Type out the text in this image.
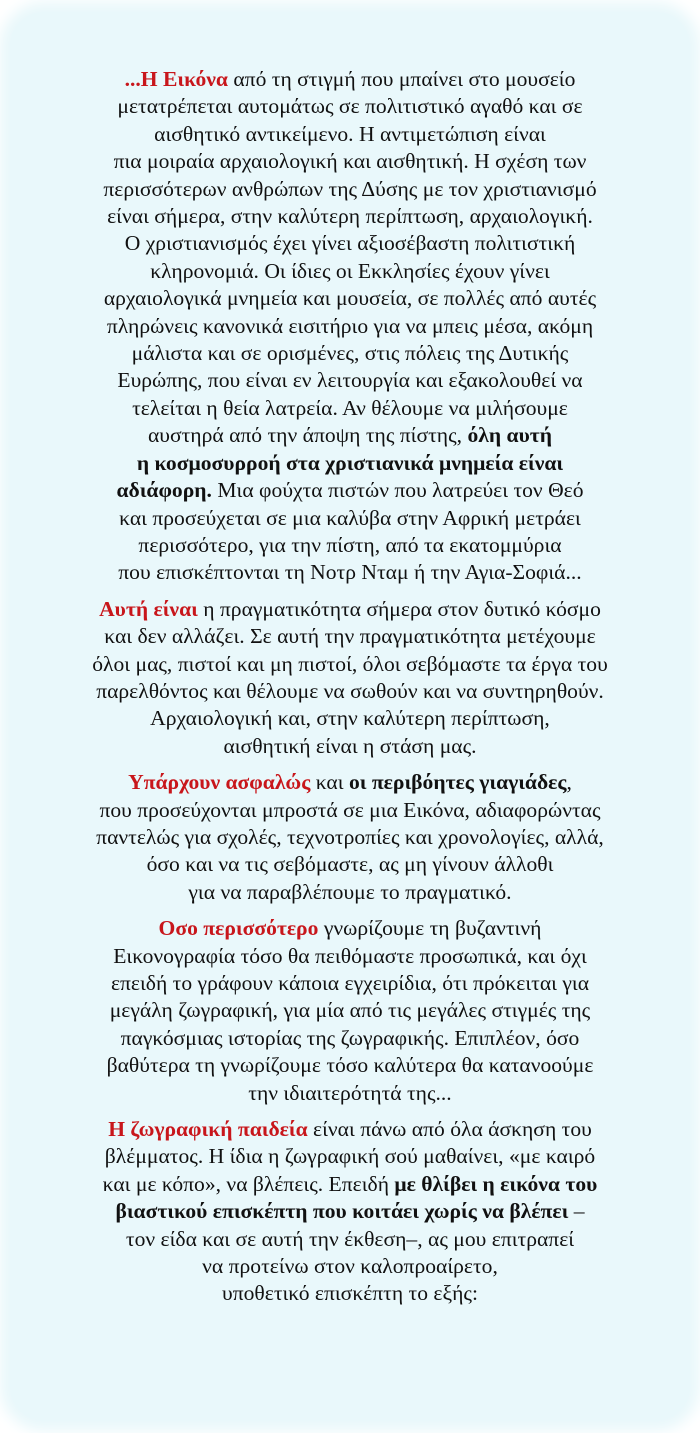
...Η Εικόνα από τη στιγμή που μπαίνει στο μουσείο
μετατρέπεται αυτομάτως σε πολιτιστικό αγαθό και σε
αισθητικό αντικείμενο. Η αντιμετώπιση είναι
πια μοιραία αρχαιολογική και αισθητική. Η σχέση των
περισσότερων ανθρώπων της Δύσης με τον χριστιανισμό
είναι σήμερα, στην καλύτερη περίπτωση, αρχαιολογική.
Ο χριστιανισμός έχει γίνει αξιοσέβαστη πολιτιστική
κληρονομιά. Οι ίδιες οι Εκκλησίες έχουν γίνει
αρχαιολογικά μνημεία και μουσεία, σε πολλές από αυτές
πληρώνεις κανονικά εισιτήριο για να μπεις μέσα, ακόμη
μάλιστα και σε ορισμένες, στις πόλεις της Δυτικής
Ευρώπης, που είναι εν λειτουργία και εξακολουθεί να
τελείται η θεία λατρεία. Αν θέλουμε να μιλήσουμε
αυστηρά από την άποψη της πίστης, όλη αυτή
η κοσμοσυρροή στα χριστιανικά μνημεία είναι
αδιάφορη. Μια φούχτα πιστών που λατρεύει τον Θεό
και προσεύχεται σε μια καλύβα στην Αφρική μετράει
περισσότερο, για την πίστη, από τα εκατομμύρια
που επισκέπτονται τη Νοτρ Νταμ ή την Αγια-Σοφιά...

Αυτή είναι η πραγματικότητα σήμερα στον δυτικό κόσμο
και δεν αλλάζει. Σε αυτή την πραγματικότητα μετέχουμε
όλοι μας, πιστοί και μη πιστοί, όλοι σεβόμαστε τα έργα του
παρελθόντος και θέλουμε να σωθούν και να συντηρηθούν.
Αρχαιολογική και, στην καλύτερη περίπτωση,
αισθητική είναι η στάση μας.

Υπάρχουν ασφαλώς και οι περιβόητες γιαγιάδες,
που προσεύχονται μπροστά σε μια Εικόνα, αδιαφορώντας
παντελώς για σχολές, τεχνοτροπίες και χρονολογίες, αλλά,
όσο και να τις σεβόμαστε, ας μη γίνουν άλλοθι
για να παραβλέπουμε το πραγματικό.

Οσο περισσότερο γνωρίζουμε τη βυζαντινή
Εικονογραφία τόσο θα πειθόμαστε προσωπικά, και όχι
επειδή το γράφουν κάποια εγχειρίδια, ότι πρόκειται για
μεγάλη ζωγραφική, για μία από τις μεγάλες στιγμές της
παγκόσμιας ιστορίας της ζωγραφικής. Επιπλέον, όσο
βαθύτερα τη γνωρίζουμε τόσο καλύτερα θα κατανοούμε
την ιδιαιτερότητά της...

Η ζωγραφική παιδεία είναι πάνω από όλα άσκηση του
βλέμματος. Η ίδια η ζωγραφική σού μαθαίνει, «με καιρό
και με κόπο», να βλέπεις. Επειδή με θλίβει η εικόνα του
βιαστικού επισκέπτη που κοιτάει χωρίς να βλέπει –
τον είδα και σε αυτή την έκθεση–, ας μου επιτραπεί
να προτείνω στον καλοπροαίρετο,
υποθετικό επισκέπτη το εξής:
